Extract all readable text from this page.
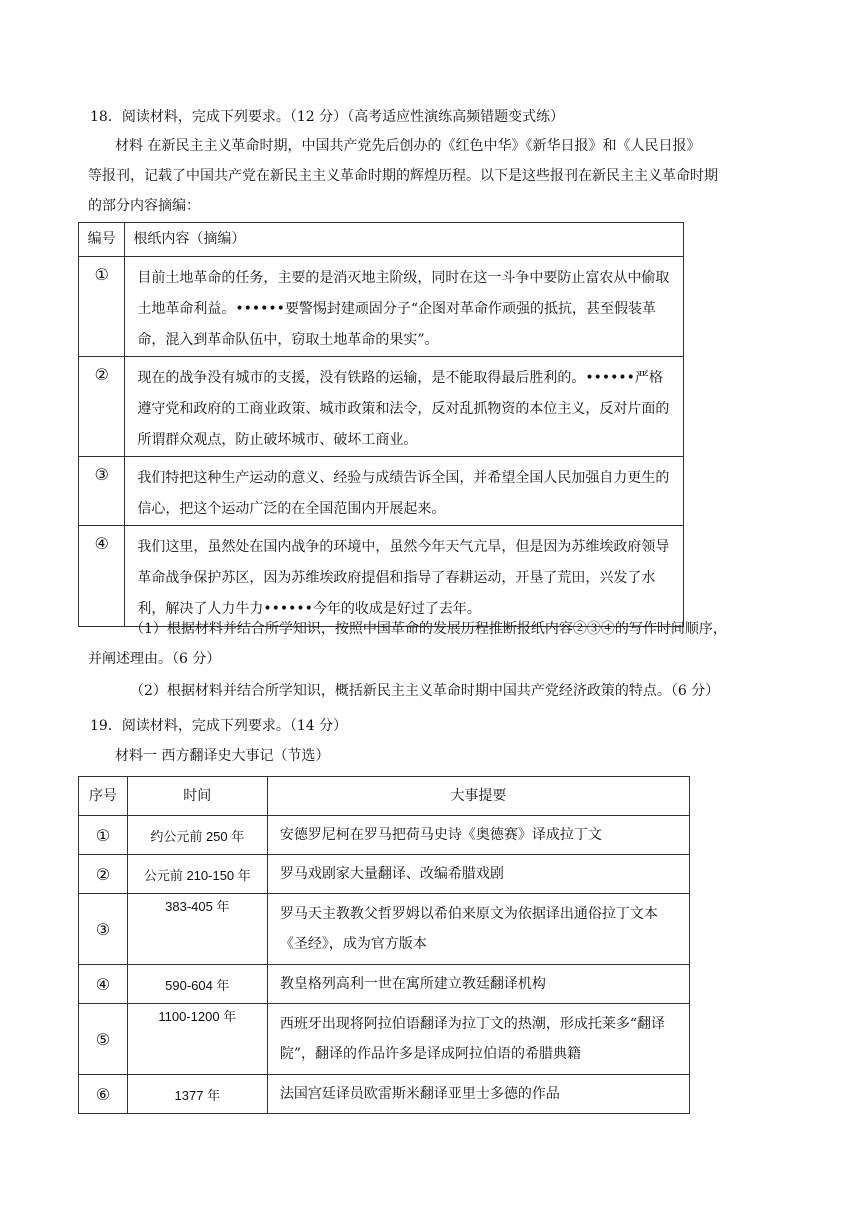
18．阅读材料，完成下列要求。（12 分）（高考适应性演练高频错题变式练）
材料 在新民主主义革命时期，中国共产党先后创办的《红色中华》《新华日报》和《人民日报》
等报刊，记载了中国共产党在新民主主义革命时期的辉煌历程。以下是这些报刊在新民主主义革命时期
的部分内容摘编：
编号	根纸内容（摘编）

①	目前土地革命的任务，主要的是消灭地主阶级，同时在这一斗争中要防止富农从中偷取土地革命利益。••••••要警惕封建顽固分子“企图对革命作顽强的抵抗，甚至假装革命，混入到革命队伍中，窃取土地革命的果实”。

②	现在的战争没有城市的支援，没有铁路的运输，是不能取得最后胜利的。••••••严格遵守党和政府的工商业政策、城市政策和法令，反对乱抓物资的本位主义，反对片面的所谓群众观点，防止破坏城市、破坏工商业。

③	我们特把这种生产运动的意义、经验与成绩告诉全国，并希望全国人民加强自力更生的信心，把这个运动广泛的在全国范围内开展起来。

④	我们这里，虽然处在国内战争的环境中，虽然今年天气亢旱，但是因为苏维埃政府领导革命战争保护苏区，因为苏维埃政府提倡和指导了春耕运动，开垦了荒田，兴发了水利，解决了人力牛力••••••今年的收成是好过了去年。
（1）根据材料并结合所学知识，按照中国革命的发展历程推断报纸内容②③④的写作时间顺序，
并阐述理由。（6 分）
（2）根据材料并结合所学知识，概括新民主主义革命时期中国共产党经济政策的特点。（6 分）
19．阅读材料，完成下列要求。（14 分）
材料一 西方翻译史大事记（节选）
序号	时间	大事提要
①	约公元前 250 年	安德罗尼柯在罗马把荷马史诗《奥德赛》译成拉丁文

②	公元前 210-150 年	罗马戏剧家大量翻译、改编希腊戏剧

③	383-405 年	罗马天主教教父哲罗姆以希伯来原文为依据译出通俗拉丁文本《圣经》，成为官方版本

④	590-604 年	教皇格列高利一世在寓所建立教廷翻译机构

⑤	1100-1200 年	西班牙出现将阿拉伯语翻译为拉丁文的热潮，形成托莱多“翻译院”，翻译的作品许多是译成阿拉伯语的希腊典籍

⑥	1377 年	法国宫廷译员欧雷斯米翻译亚里士多德的作品
